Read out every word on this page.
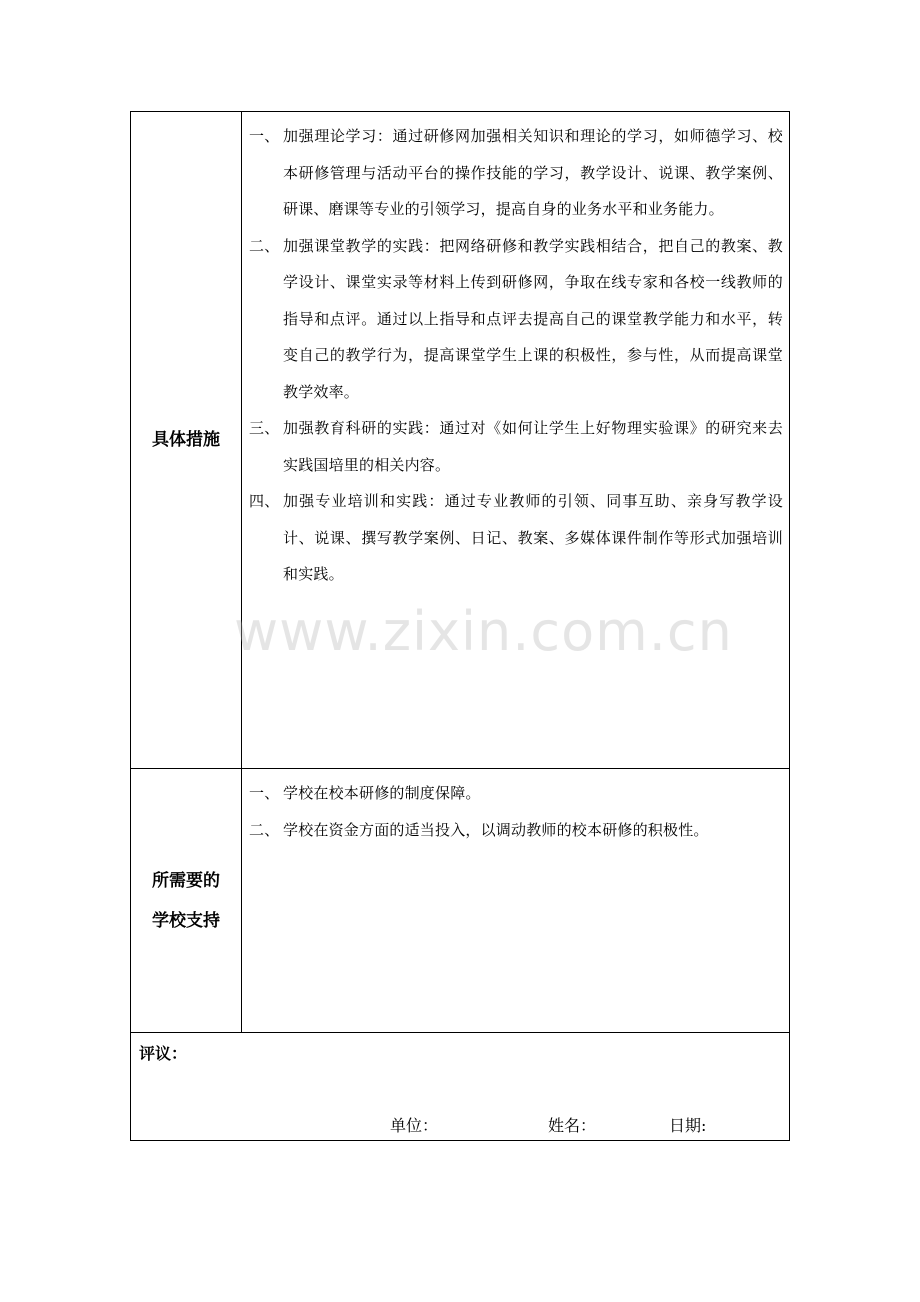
具体措施
一、 加强理论学习：通过研修网加强相关知识和理论的学习，如师德学习、校本研修管理与活动平台的操作技能的学习，教学设计、说课、教学案例、研课、磨课等专业的引领学习，提高自身的业务水平和业务能力。
二、 加强课堂教学的实践：把网络研修和教学实践相结合，把自己的教案、教学设计、课堂实录等材料上传到研修网，争取在线专家和各校一线教师的指导和点评。通过以上指导和点评去提高自己的课堂教学能力和水平，转变自己的教学行为，提高课堂学生上课的积极性，参与性，从而提高课堂教学效率。
三、 加强教育科研的实践：通过对《如何让学生上好物理实验课》的研究来去实践国培里的相关内容。
四、 加强专业培训和实践：通过专业教师的引领、同事互助、亲身写教学设计、说课、撰写教学案例、日记、教案、多媒体课件制作等形式加强培训和实践。
所需要的
学校支持
一、 学校在校本研修的制度保障。
二、 学校在资金方面的适当投入，以调动教师的校本研修的积极性。
评议：
单位：	姓名：	日期:
www.zixin.com.cn
